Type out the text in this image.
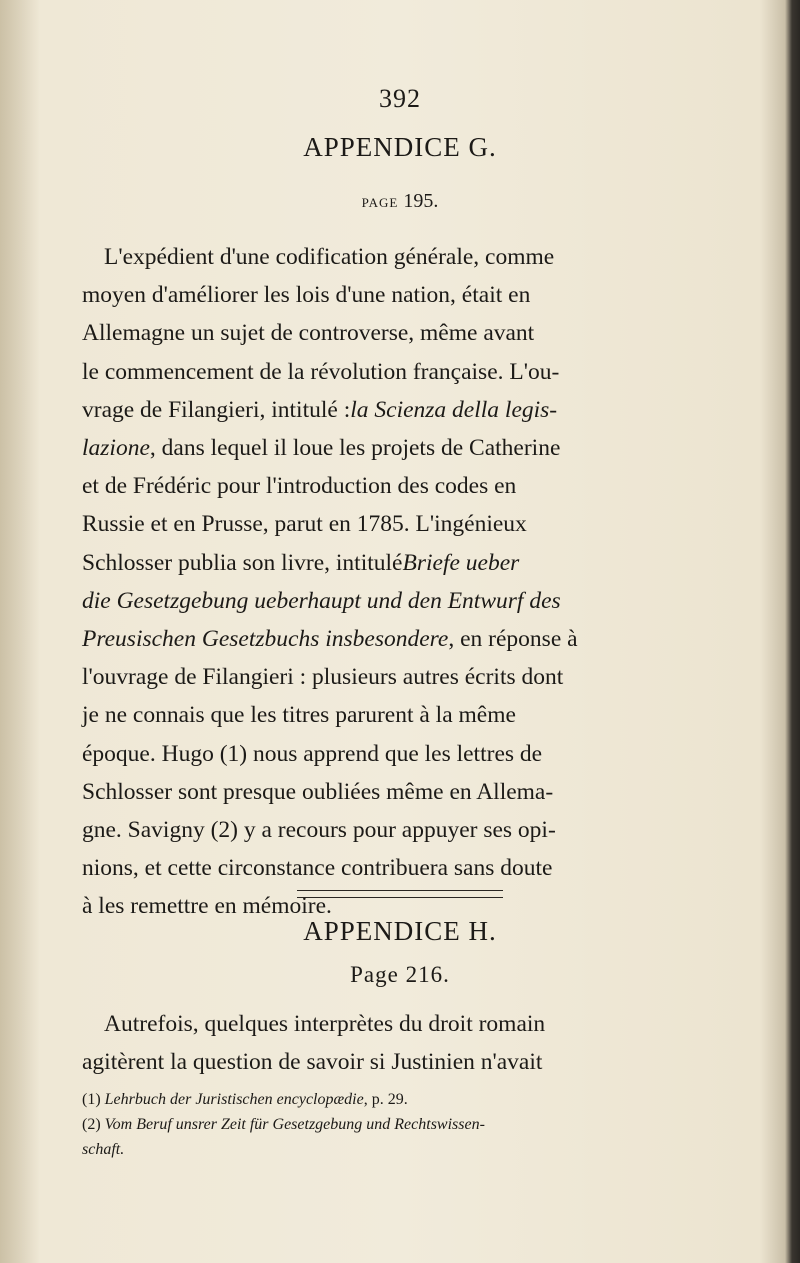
392
APPENDICE G.
PAGE 195.
L'expédient d'une codification générale, comme
moyen d'améliorer les lois d'une nation, était en
Allemagne un sujet de controverse, même avant
le commencement de la révolution française. L'ou-
vrage de Filangieri, intitulé : la Scienza della legis-
lazione , dans lequel il loue les projets de Catherine
et de Frédéric pour l'introduction des codes en
Russie et en Prusse, parut en 1785. L'ingénieux
Schlosser publia son livre, intitulé Briefe ueber
die Gesetzgebung ueberhaupt und den Entwurf des
Preusischen Gesetzbuchs insbesondere , en réponse à
l'ouvrage de Filangieri : plusieurs autres écrits dont
je ne connais que les titres parurent à la même
époque. Hugo (1) nous apprend que les lettres de
Schlosser sont presque oubliées même en Allema-
gne. Savigny (2) y a recours pour appuyer ses opi-
nions, et cette circonstance contribuera sans doute
à les remettre en mémoire.
APPENDICE H.
Page 216.
Autrefois, quelques interprètes du droit romain
agitèrent la question de savoir si Justinien n'avait
(1) Lehrbuch der Juristischen encyclopædie, p. 29.
(2) Vom Beruf unsrer Zeit für Gesetzgebung und Rechtswissen-
schaft.
